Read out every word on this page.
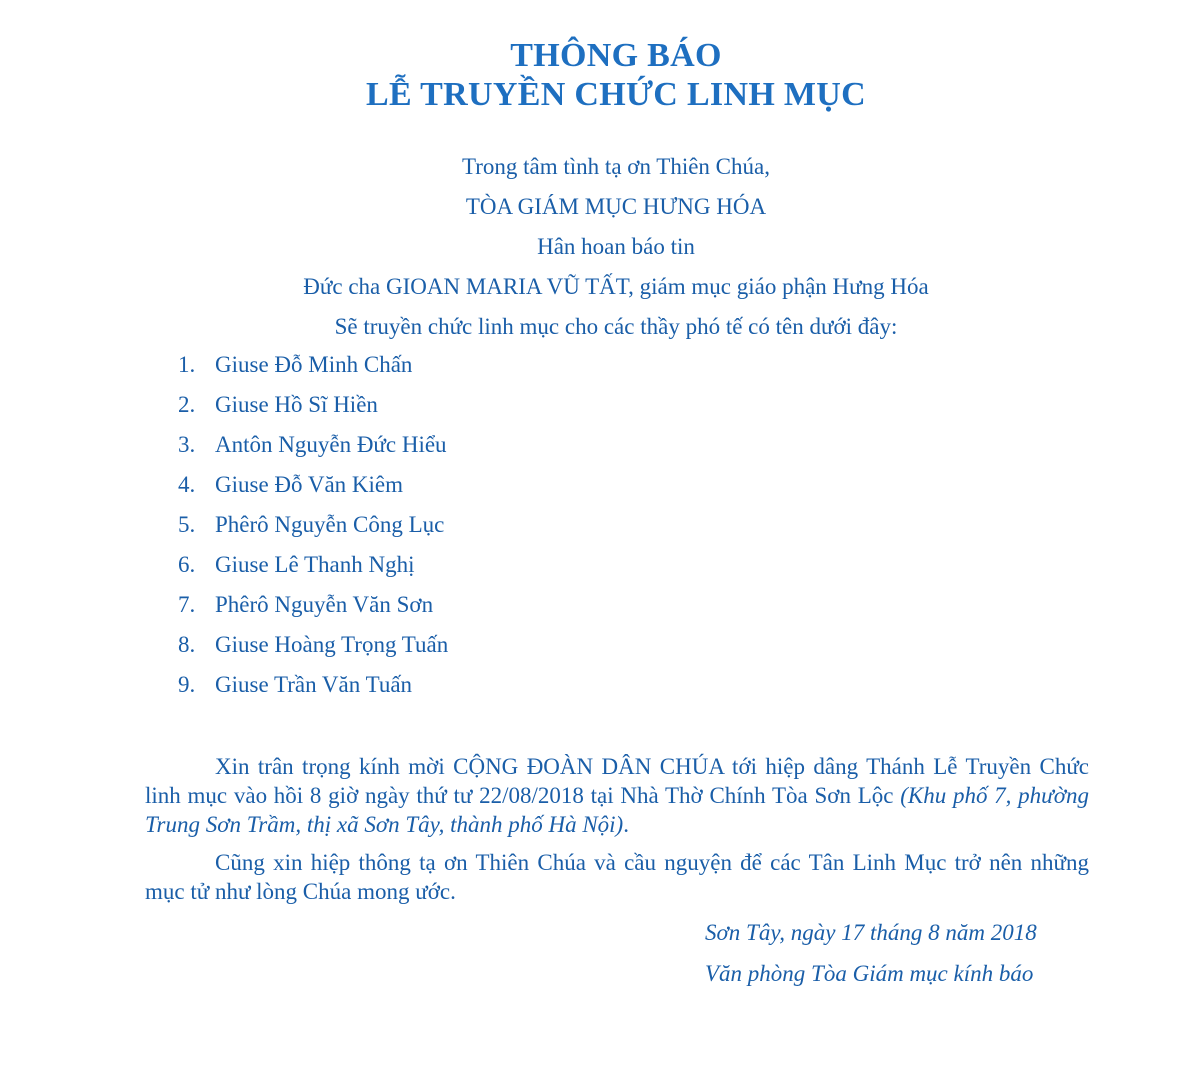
THÔNG BÁO
LỄ TRUYỀN CHỨC LINH MỤC
Trong tâm tình tạ ơn Thiên Chúa,
TÒA GIÁM MỤC HƯNG HÓA
Hân hoan báo tin
Đức cha GIOAN MARIA VŨ TẤT, giám mục giáo phận Hưng Hóa
Sẽ truyền chức linh mục cho các thầy phó tế có tên dưới đây:
1. Giuse Đỗ Minh Chấn
2. Giuse Hồ Sĩ Hiền
3. Antôn Nguyễn Đức Hiểu
4. Giuse Đỗ Văn Kiêm
5. Phêrô Nguyễn Công Lục
6. Giuse Lê Thanh Nghị
7. Phêrô Nguyễn Văn Sơn
8. Giuse Hoàng Trọng Tuấn
9. Giuse Trần Văn Tuấn

Xin trân trọng kính mời CỘNG ĐOÀN DÂN CHÚA tới hiệp dâng Thánh Lễ Truyền Chức linh mục vào hồi 8 giờ ngày thứ tư 22/08/2018 tại Nhà Thờ Chính Tòa Sơn Lộc (Khu phố 7, phường Trung Sơn Trầm, thị xã Sơn Tây, thành phố Hà Nội).

Cũng xin hiệp thông tạ ơn Thiên Chúa và cầu nguyện để các Tân Linh Mục trở nên những mục tử như lòng Chúa mong ước.

Sơn Tây, ngày 17 tháng 8 năm 2018
Văn phòng Tòa Giám mục kính báo
